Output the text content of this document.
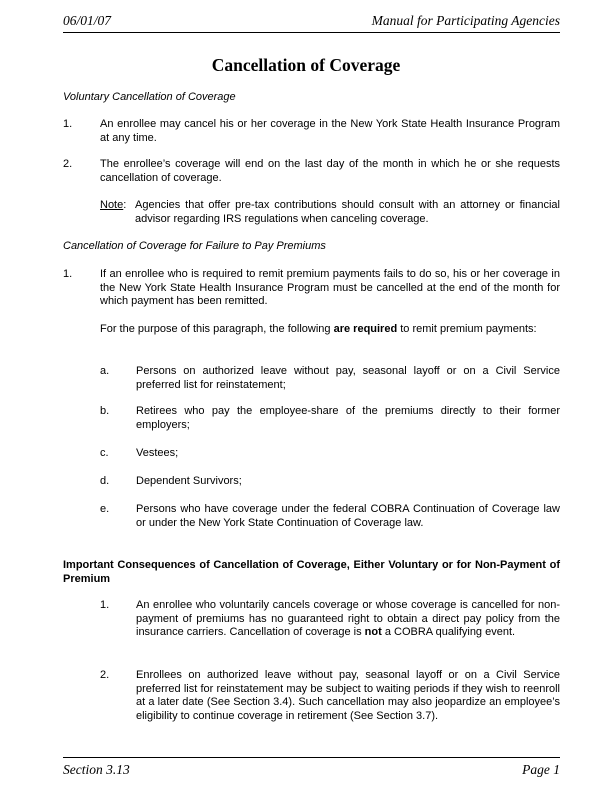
06/01/07	Manual for Participating Agencies
Cancellation of Coverage
Voluntary Cancellation of Coverage
1.	An enrollee may cancel his or her coverage in the New York State Health Insurance Program at any time.
2.	The enrollee’s coverage will end on the last day of the month in which he or she requests cancellation of coverage.
Note: Agencies that offer pre-tax contributions should consult with an attorney or financial advisor regarding IRS regulations when canceling coverage.
Cancellation of Coverage for Failure to Pay Premiums
1.	If an enrollee who is required to remit premium payments fails to do so, his or her coverage in the New York State Health Insurance Program must be cancelled at the end of the month for which payment has been remitted.
For the purpose of this paragraph, the following are required to remit premium payments:
a. Persons on authorized leave without pay, seasonal layoff or on a Civil Service preferred list for reinstatement;
b. Retirees who pay the employee-share of the premiums directly to their former employers;
c. Vestees;
d. Dependent Survivors;
e. Persons who have coverage under the federal COBRA Continuation of Coverage law or under the New York State Continuation of Coverage law.
Important Consequences of Cancellation of Coverage, Either Voluntary or for Non-Payment of Premium
1. An enrollee who voluntarily cancels coverage or whose coverage is cancelled for non-payment of premiums has no guaranteed right to obtain a direct pay policy from the insurance carriers. Cancellation of coverage is not a COBRA qualifying event.
2. Enrollees on authorized leave without pay, seasonal layoff or on a Civil Service preferred list for reinstatement may be subject to waiting periods if they wish to reenroll at a later date (See Section 3.4). Such cancellation may also jeopardize an employee’s eligibility to continue coverage in retirement (See Section 3.7).
Section 3.13	Page 1
